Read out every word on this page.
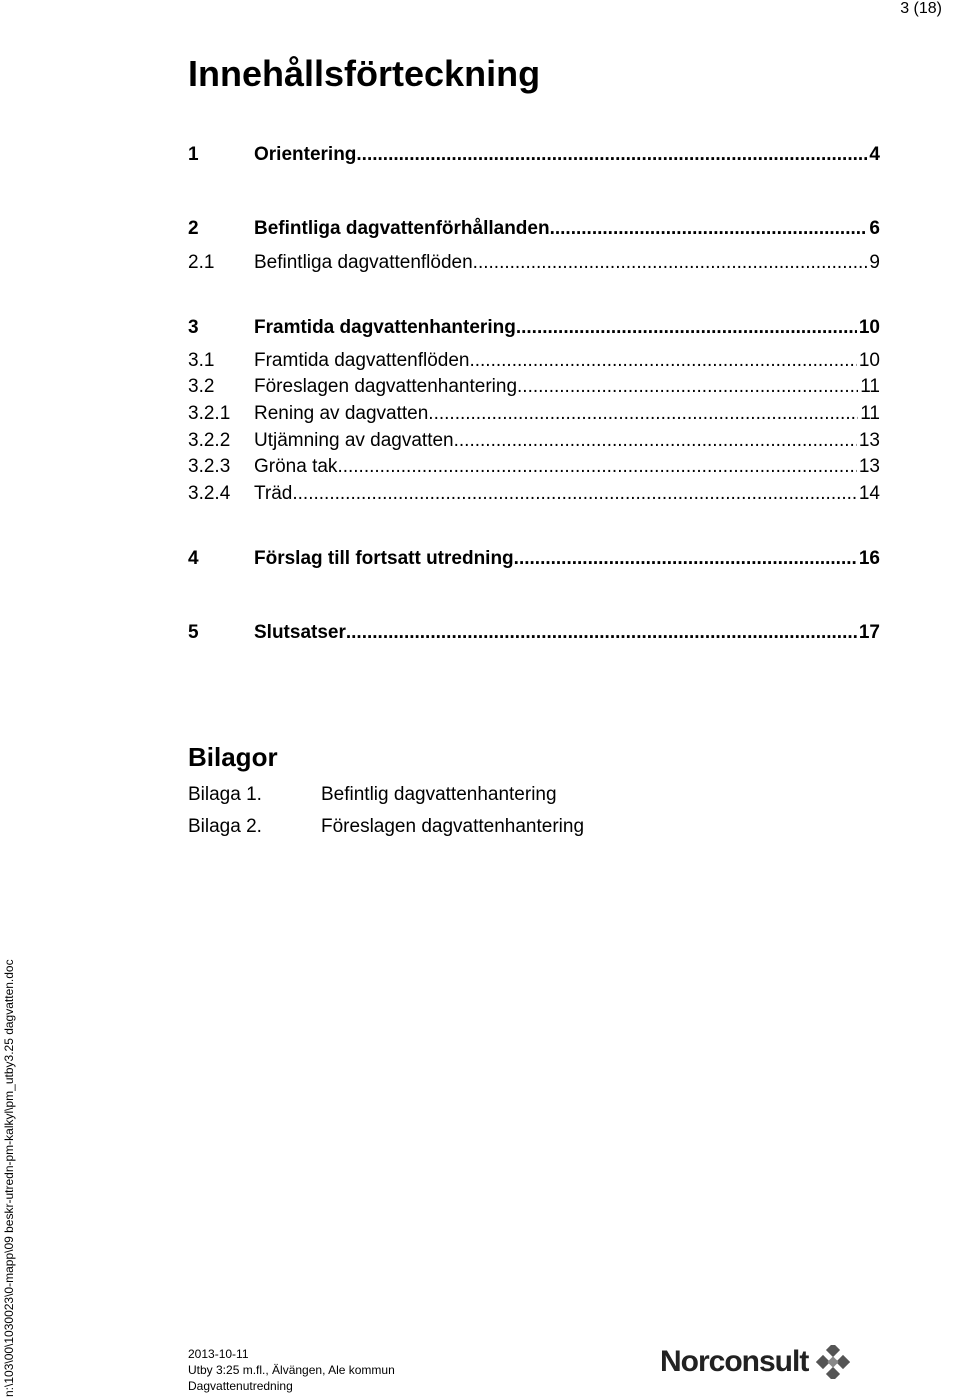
3 (18)
Innehållsförteckning
1	Orientering .....	4
2	Befintliga dagvattenförhållanden .....	6
2.1	Befintliga dagvattenflöden .....	9
3	Framtida dagvattenhantering .....	10
3.1	Framtida dagvattenflöden .....	10
3.2	Föreslagen dagvattenhantering .....	11
3.2.1	Rening av dagvatten .....	11
3.2.2	Utjämning av dagvatten .....	13
3.2.3	Gröna tak .....	13
3.2.4	Träd .....	14
4	Förslag till fortsatt utredning .....	16
5	Slutsatser .....	17
Bilagor
Bilaga 1.	Befintlig dagvattenhantering
Bilaga 2.	Föreslagen dagvattenhantering
n:\103\00\1030023\0-mapp\09 beskr-utredn-pm-kalkyl\pm_utby3.25 dagvatten.doc	2013-10-11
Utby 3:25 m.fl., Älvängen, Ale kommun
Dagvattenutredning
Norconsult
